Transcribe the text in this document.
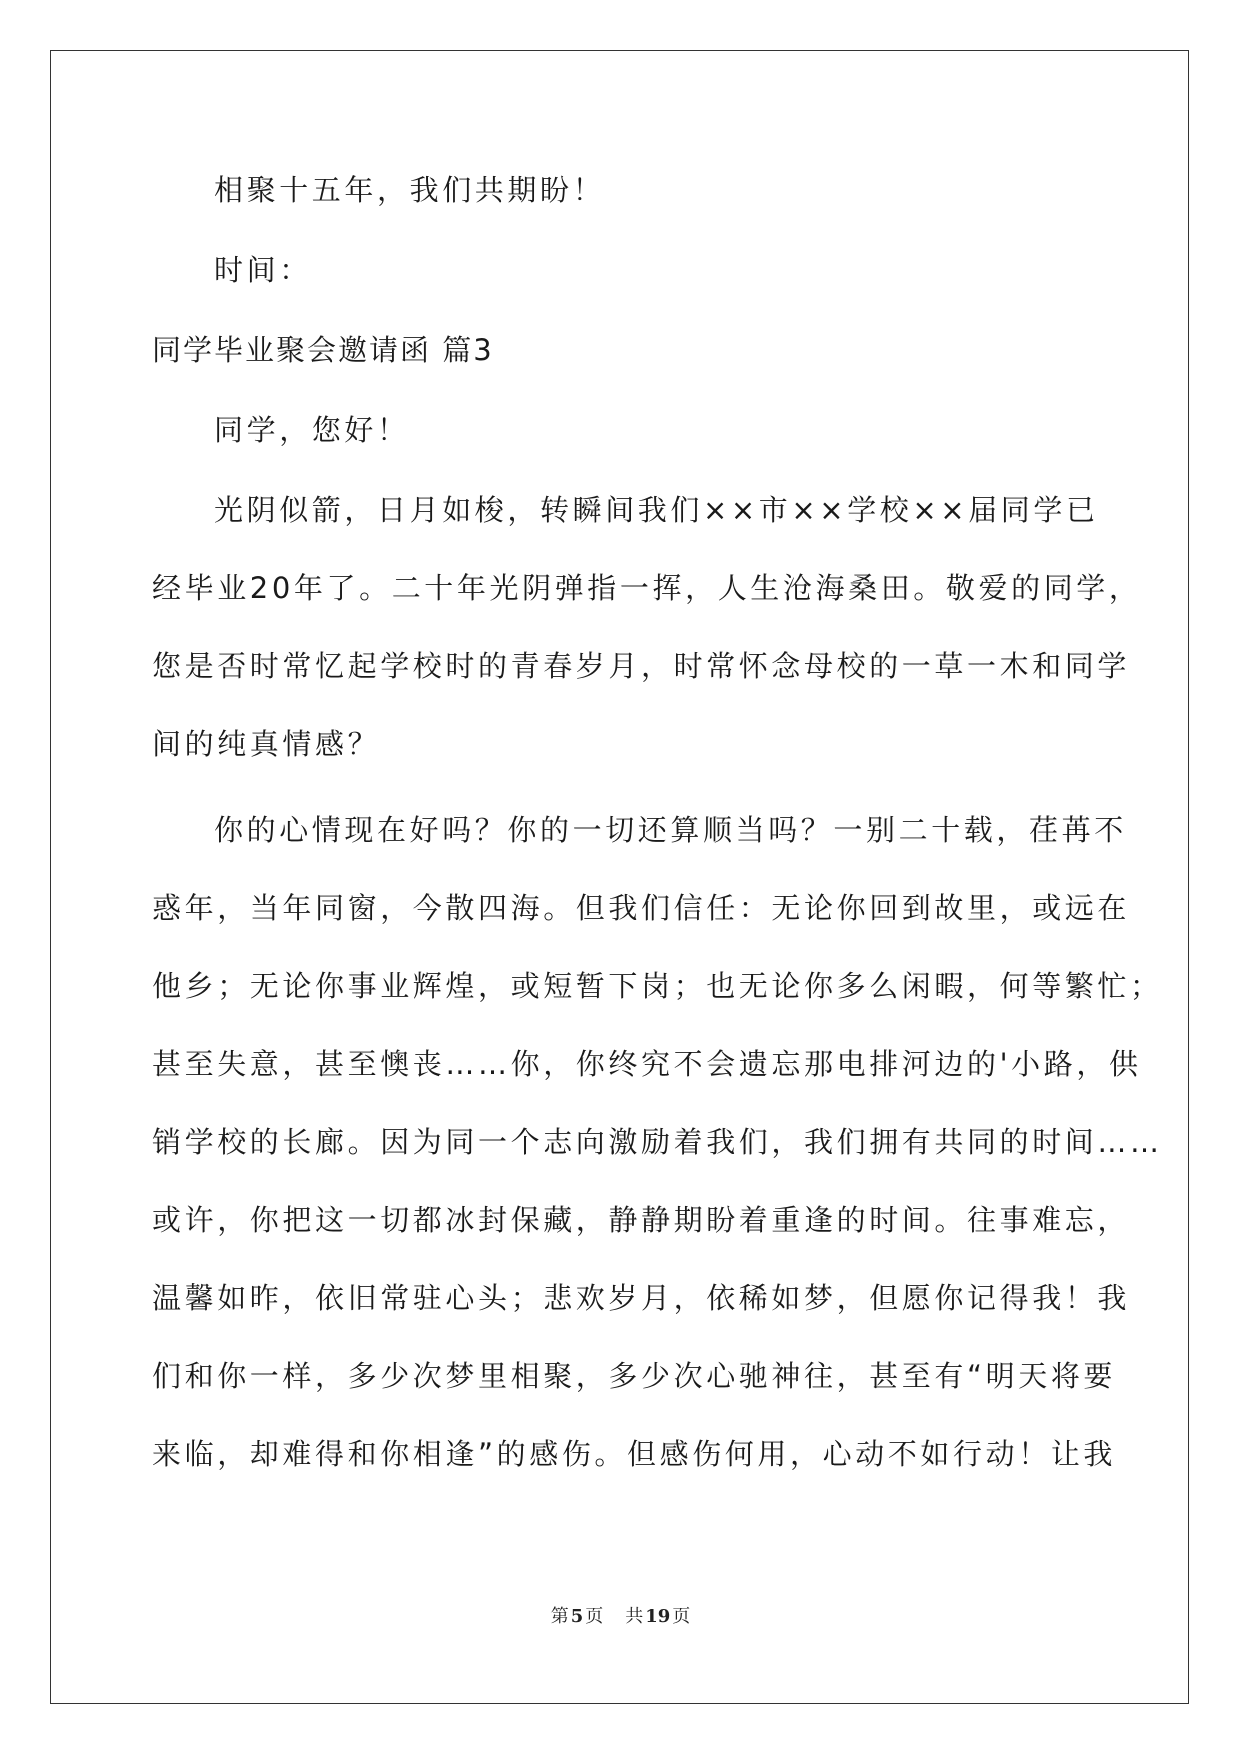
相聚十五年，我们共期盼！
时间：
同学毕业聚会邀请函 篇3
同学，您好！
光阴似箭，日月如梭，转瞬间我们××市××学校××届同学已
经毕业20年了。二十年光阴弹指一挥，人生沧海桑田。敬爱的同学，
您是否时常忆起学校时的青春岁月，时常怀念母校的一草一木和同学
间的纯真情感？
你的心情现在好吗？你的一切还算顺当吗？一别二十载，荏苒不
惑年，当年同窗，今散四海。但我们信任：无论你回到故里，或远在
他乡；无论你事业辉煌，或短暂下岗；也无论你多么闲暇，何等繁忙；
甚至失意，甚至懊丧……你，你终究不会遗忘那电排河边的'小路，供
销学校的长廊。因为同一个志向激励着我们，我们拥有共同的时间……
或许，你把这一切都冰封保藏，静静期盼着重逢的时间。往事难忘，
温馨如昨，依旧常驻心头；悲欢岁月，依稀如梦，但愿你记得我！我
们和你一样，多少次梦里相聚，多少次心驰神往，甚至有“明天将要
来临，却难得和你相逢”的感伤。但感伤何用，心动不如行动！让我
第 5 页 共 19 页
